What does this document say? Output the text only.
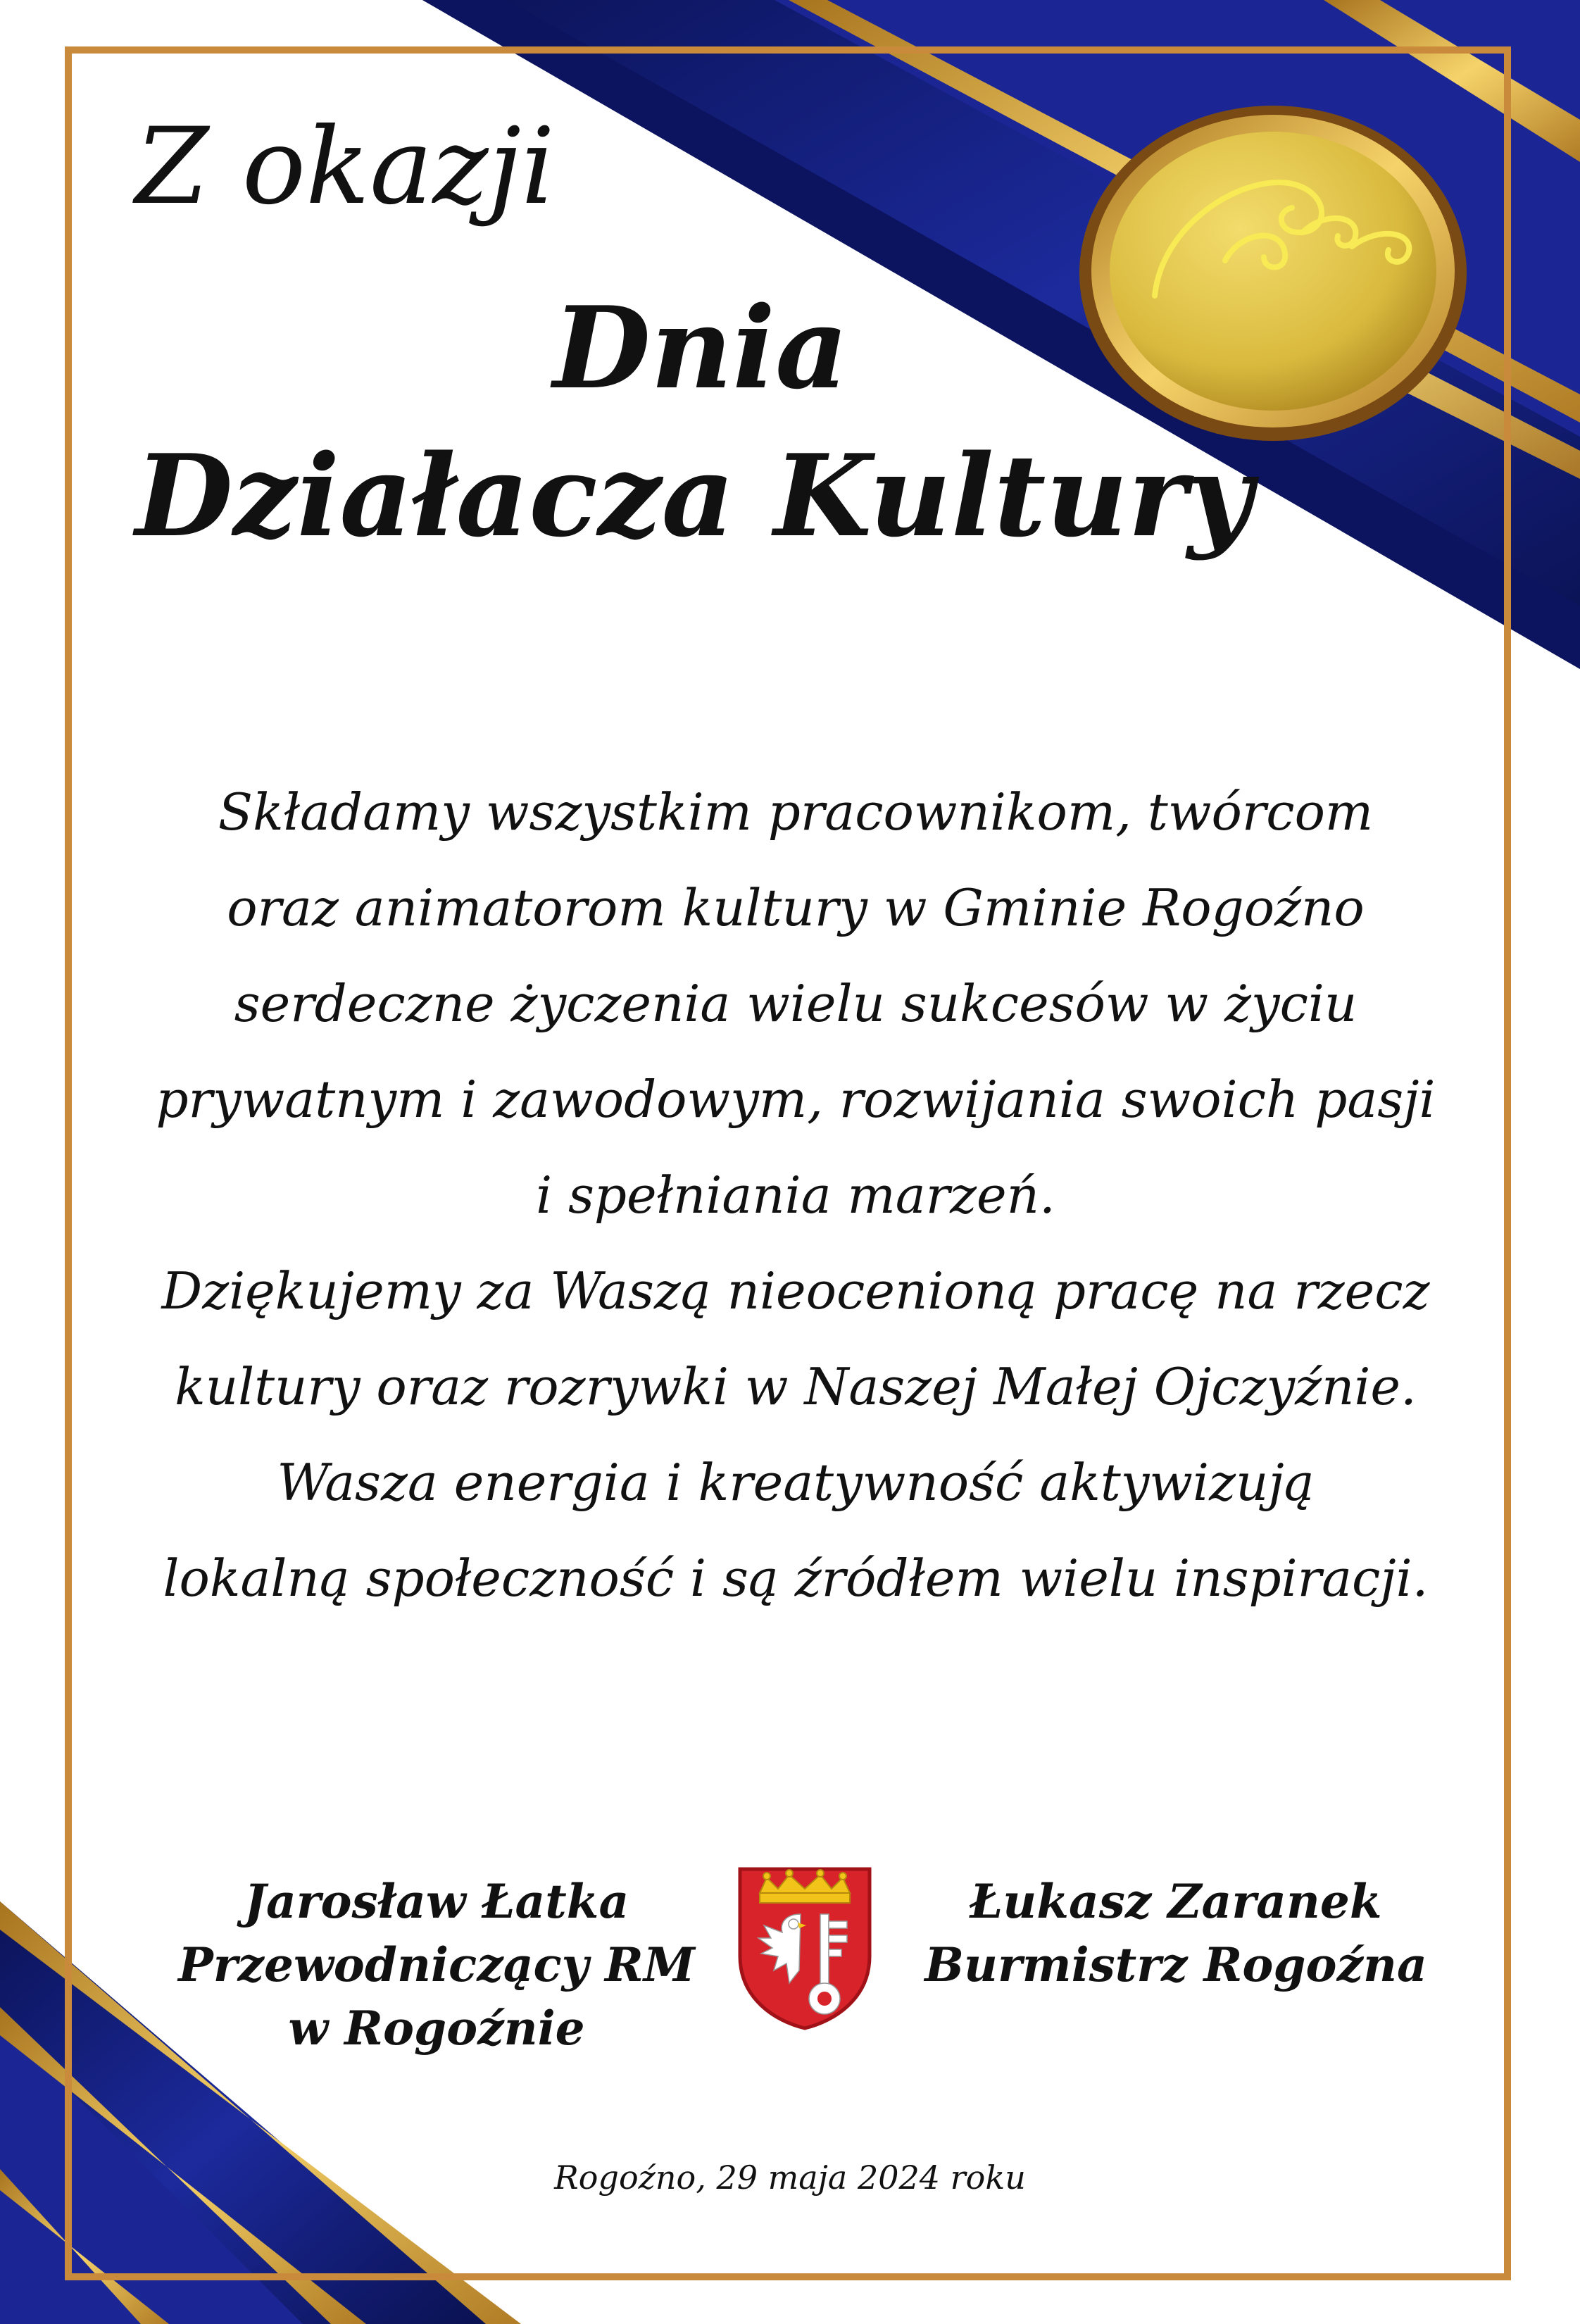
Z okazji
Dnia
Działacza Kultury

Składamy wszystkim pracownikom, twórcom

oraz animatorom kultury w Gminie Rogoźno

serdeczne życzenia wielu sukcesów w życiu

prywatnym i zawodowym, rozwijania swoich pasji

i spełniania marzeń.

Dziękujemy za Waszą nieocenioną pracę na rzecz

kultury oraz rozrywki w Naszej Małej Ojczyźnie.

Wasza energia i kreatywność aktywizują

lokalną społeczność i są źródłem wielu inspiracji.

Jarosław Łatka
Przewodniczący RM
w Rogoźnie
Łukasz Zaranek
Burmistrz Rogoźna
Rogoźno, 29 maja 2024 roku
